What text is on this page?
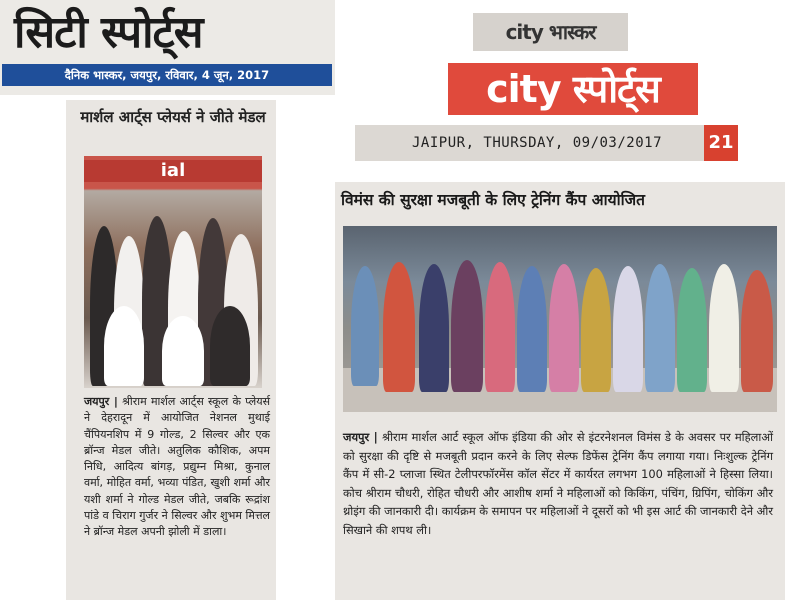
सिटी स्पोर्ट्स
दैनिक भास्कर, जयपुर, रविवार, 4 जून, 2017
मार्शल आर्ट्स प्लेयर्स ने जीते मेडल
ial
जयपुर | श्रीराम मार्शल आर्ट्स स्कूल के प्लेयर्स ने देहरादून में आयोजित नेशनल मुथाई चैंपियनशिप में 9 गोल्ड, 2 सिल्वर और एक ब्रॉन्ज मेडल जीते। अतुलिक कौशिक, अपम निधि, आदित्य बांगड़, प्रद्युम्न मिश्रा, कुनाल वर्मा, मोहित वर्मा, भव्या पंडित, खुशी शर्मा और यशी शर्मा ने गोल्ड मेडल जीते, जबकि रूद्रांश पांडे व चिराग गुर्जर ने सिल्वर और शुभम मित्तल ने ब्रॉन्ज मेडल अपनी झोली में डाला।
city भास्कर
city स्पोर्ट्स
JAIPUR, THURSDAY, 09/03/2017	21
विमंस की सुरक्षा मजबूती के लिए ट्रेनिंग कैंप आयोजित
जयपुर | श्रीराम मार्शल आर्ट स्कूल ऑफ इंडिया की ओर से इंटरनेशनल विमंस डे के अवसर पर महिलाओं को सुरक्षा की दृष्टि से मजबूती प्रदान करने के लिए सेल्फ डिफेंस ट्रेनिंग कैंप लगाया गया। निःशुल्क ट्रेनिंग कैंप में सी-2 प्लाजा स्थित टेलीपरफॉरमेंस कॉल सेंटर में कार्यरत लगभग 100 महिलाओं ने हिस्सा लिया। कोच श्रीराम चौधरी, रोहित चौधरी और आशीष शर्मा ने महिलाओं को किकिंग, पंचिंग, ग्रिपिंग, चोकिंग और थ्रोइंग की जानकारी दी। कार्यक्रम के समापन पर महिलाओं ने दूसरों को भी इस आर्ट की जानकारी देने और सिखाने की शपथ ली।
